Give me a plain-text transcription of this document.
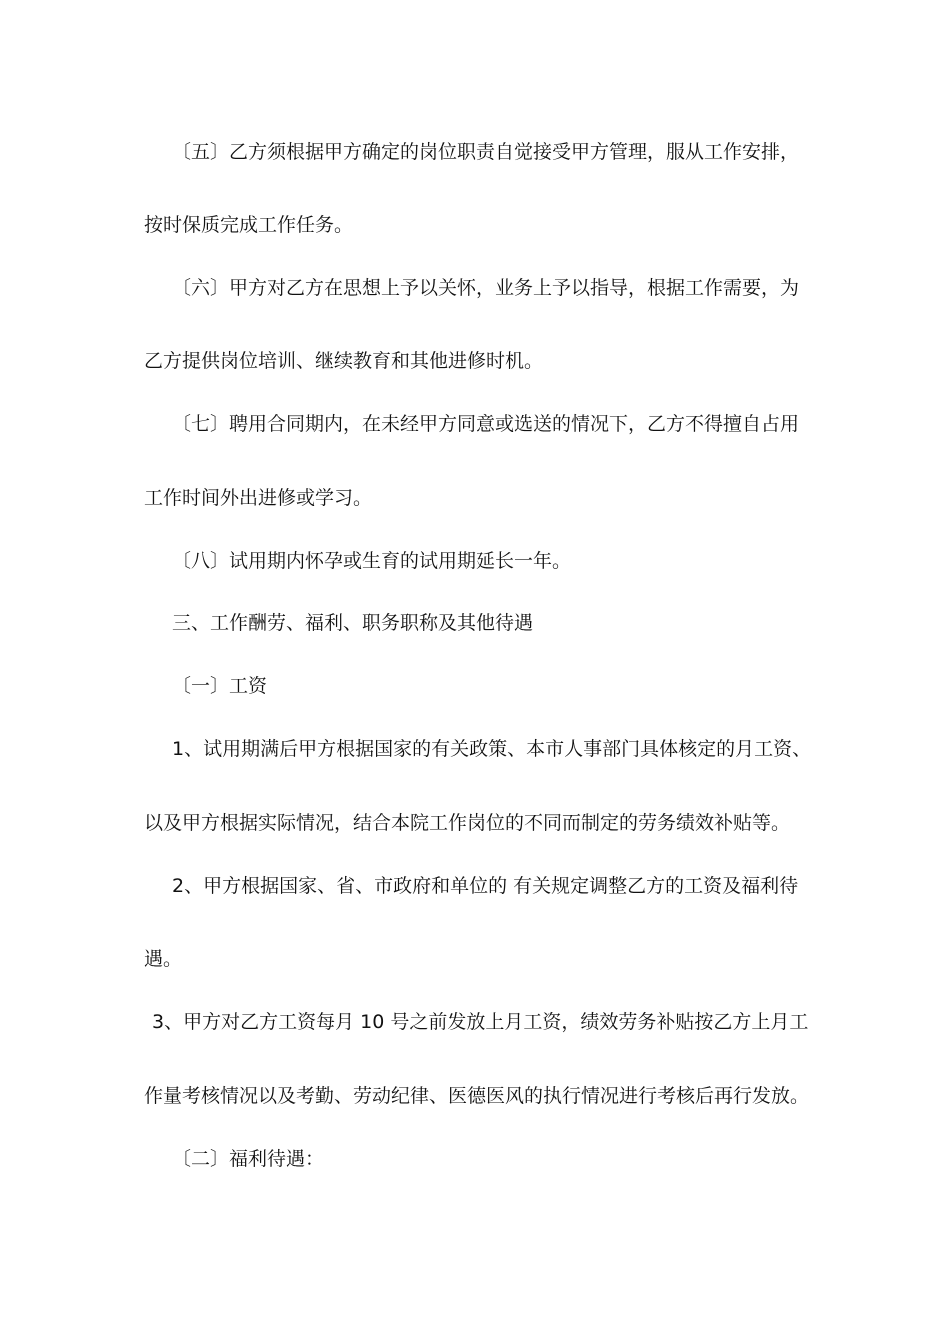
〔五〕乙方须根据甲方确定的岗位职责自觉接受甲方管理，服从工作安排，
按时保质完成工作任务。
〔六〕甲方对乙方在思想上予以关怀，业务上予以指导，根据工作需要，为
乙方提供岗位培训、继续教育和其他进修时机。
〔七〕聘用合同期内，在未经甲方同意或选送的情况下，乙方不得擅自占用
工作时间外出进修或学习。
〔八〕试用期内怀孕或生育的试用期延长一年。
三、工作酬劳、福利、职务职称及其他待遇
〔一〕工资
1、试用期满后甲方根据国家的有关政策、本市人事部门具体核定的月工资、
以及甲方根据实际情况，结合本院工作岗位的不同而制定的劳务绩效补贴等。
2、甲方根据国家、省、市政府和单位的 有关规定调整乙方的工资及福利待
遇。
3、甲方对乙方工资每月 10 号之前发放上月工资，绩效劳务补贴按乙方上月工
作量考核情况以及考勤、劳动纪律、医德医风的执行情况进行考核后再行发放。
〔二〕福利待遇：
